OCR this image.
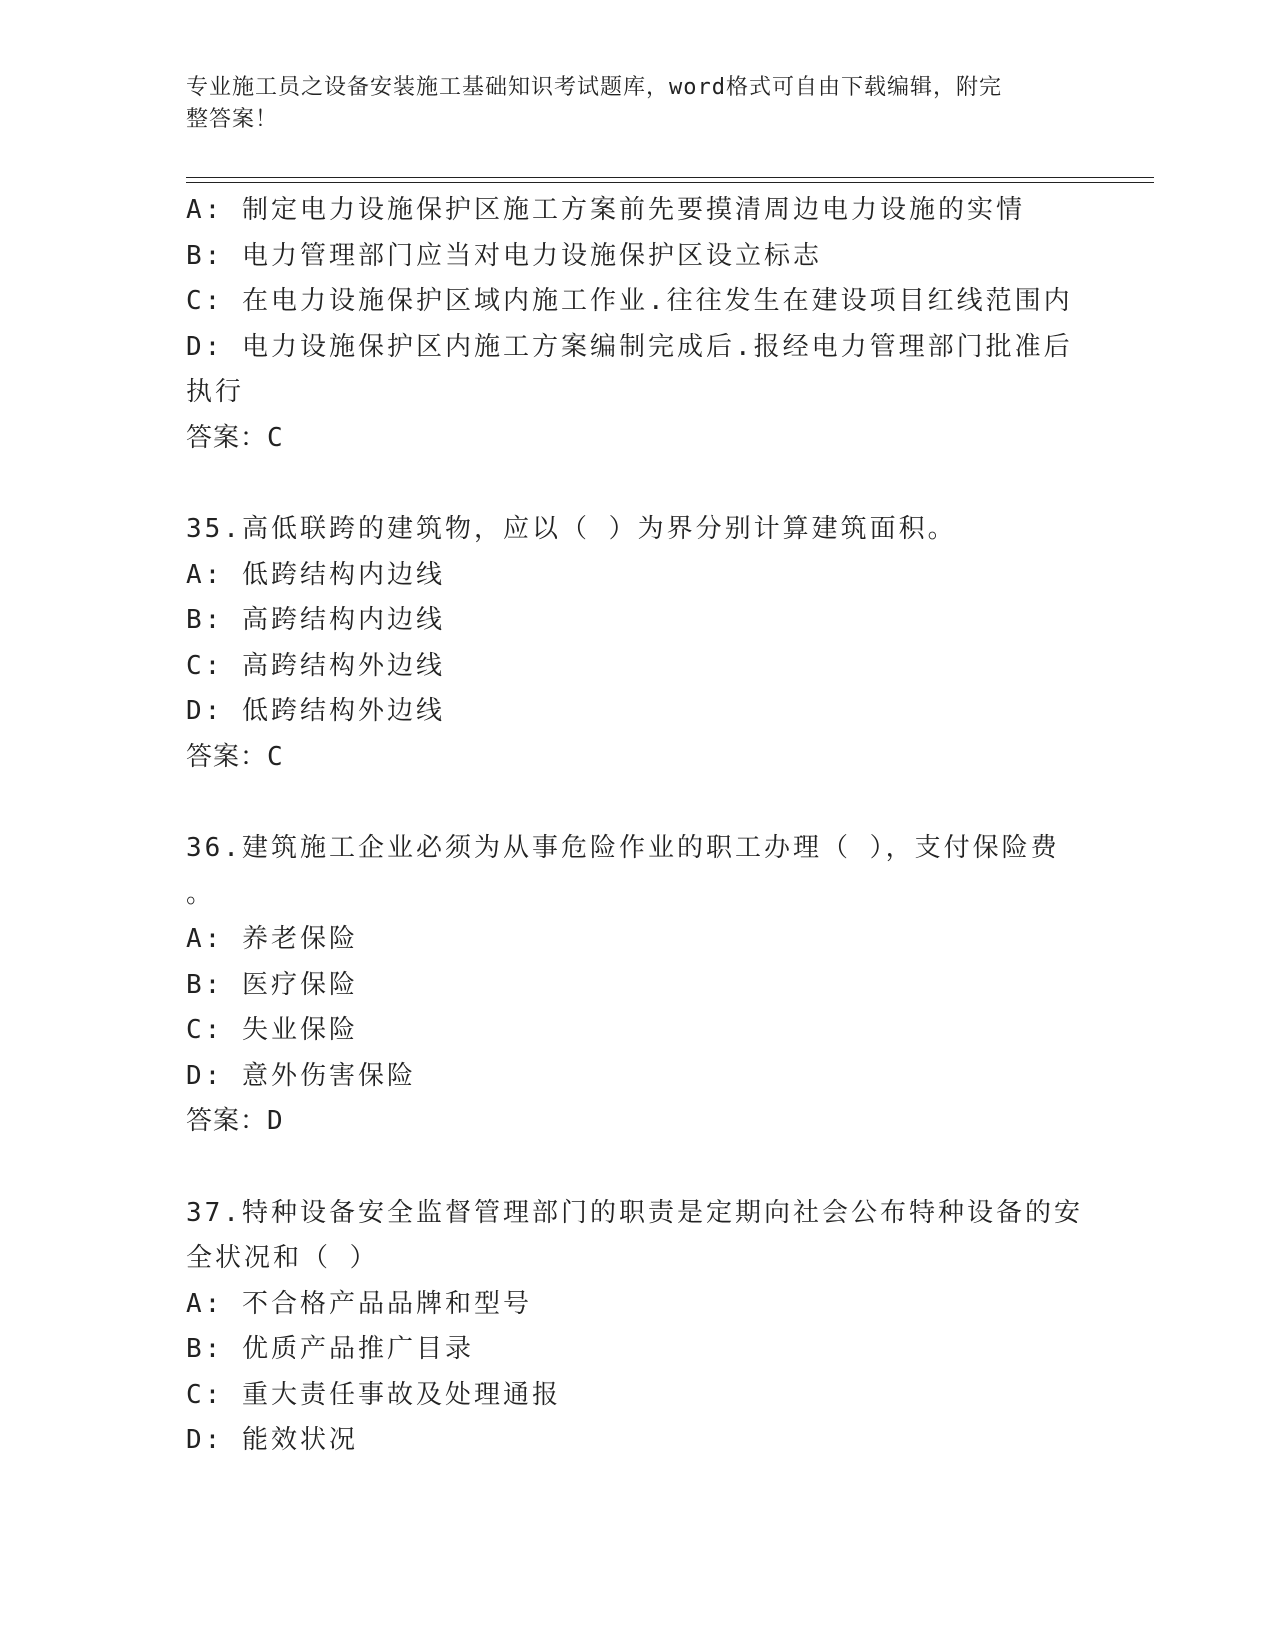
专业施工员之设备安装施工基础知识考试题库，word格式可自由下载编辑，附完
整答案！
A: 制定电力设施保护区施工方案前先要摸清周边电力设施的实情
B: 电力管理部门应当对电力设施保护区设立标志
C: 在电力设施保护区域内施工作业.往往发生在建设项目红线范围内
D: 电力设施保护区内施工方案编制完成后.报经电力管理部门批准后
执行
答案：C
35.高低联跨的建筑物，应以（ ）为界分别计算建筑面积。
A: 低跨结构内边线
B: 高跨结构内边线
C: 高跨结构外边线
D: 低跨结构外边线
答案：C
36.建筑施工企业必须为从事危险作业的职工办理（ ），支付保险费
。
A: 养老保险
B: 医疗保险
C: 失业保险
D: 意外伤害保险
答案：D
37.特种设备安全监督管理部门的职责是定期向社会公布特种设备的安
全状况和（ ）
A: 不合格产品品牌和型号
B: 优质产品推广目录
C: 重大责任事故及处理通报
D: 能效状况
